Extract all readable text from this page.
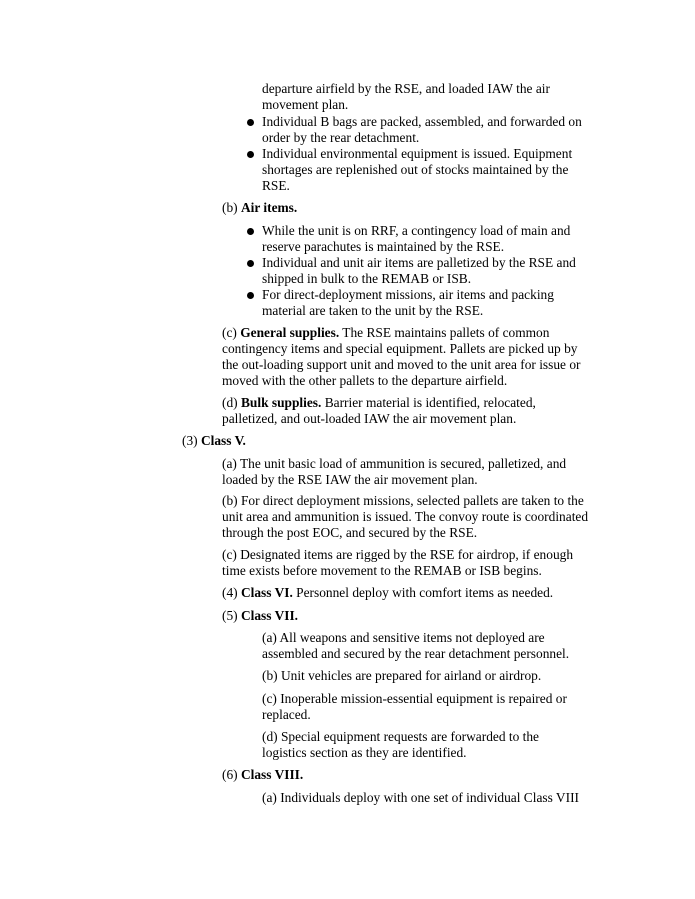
departure airfield by the RSE, and loaded IAW the air movement plan.

Individual B bags are packed, assembled, and forwarded on order by the rear detachment.
Individual environmental equipment is issued. Equipment shortages are replenished out of stocks maintained by the RSE.

(b) Air items.

While the unit is on RRF, a contingency load of main and reserve parachutes is maintained by the RSE.
Individual and unit air items are palletized by the RSE and shipped in bulk to the REMAB or ISB.
For direct-deployment missions, air items and packing material are taken to the unit by the RSE.

(c) General supplies. The RSE maintains pallets of common contingency items and special equipment. Pallets are picked up by the out-loading support unit and moved to the unit area for issue or moved with the other pallets to the departure airfield.

(d) Bulk supplies. Barrier material is identified, relocated, palletized, and out-loaded IAW the air movement plan.

(3) Class V.

(a) The unit basic load of ammunition is secured, palletized, and loaded by the RSE IAW the air movement plan.

(b) For direct deployment missions, selected pallets are taken to the unit area and ammunition is issued. The convoy route is coordinated through the post EOC, and secured by the RSE.

(c) Designated items are rigged by the RSE for airdrop, if enough time exists before movement to the REMAB or ISB begins.

(4) Class VI. Personnel deploy with comfort items as needed.

(5) Class VII.

(a) All weapons and sensitive items not deployed are assembled and secured by the rear detachment personnel.

(b) Unit vehicles are prepared for airland or airdrop.

(c) Inoperable mission-essential equipment is repaired or replaced.

(d) Special equipment requests are forwarded to the logistics section as they are identified.

(6) Class VIII.

(a) Individuals deploy with one set of individual Class VIII
